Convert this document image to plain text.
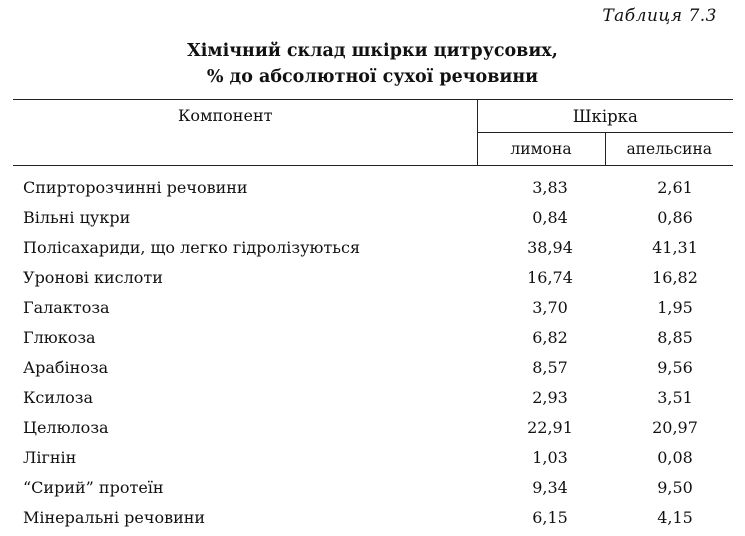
Таблиця 7.3
Хімічний склад шкірки цитрусових,
% до абсолютної сухої речовини
Компонент	Шкірка	
	лимона	апельсина
Спирторозчинні речовини	3,83	2,61
Вільні цукри	0,84	0,86
Полісахариди, що легко гідролізуються	38,94	41,31
Уронові кислоти	16,74	16,82
Галактоза	3,70	1,95
Глюкоза	6,82	8,85
Арабіноза	8,57	9,56
Ксилоза	2,93	3,51
Целюлоза	22,91	20,97
Лігнін	1,03	0,08
“Сирий” протеїн	9,34	9,50
Мінеральні речовини	6,15	4,15
